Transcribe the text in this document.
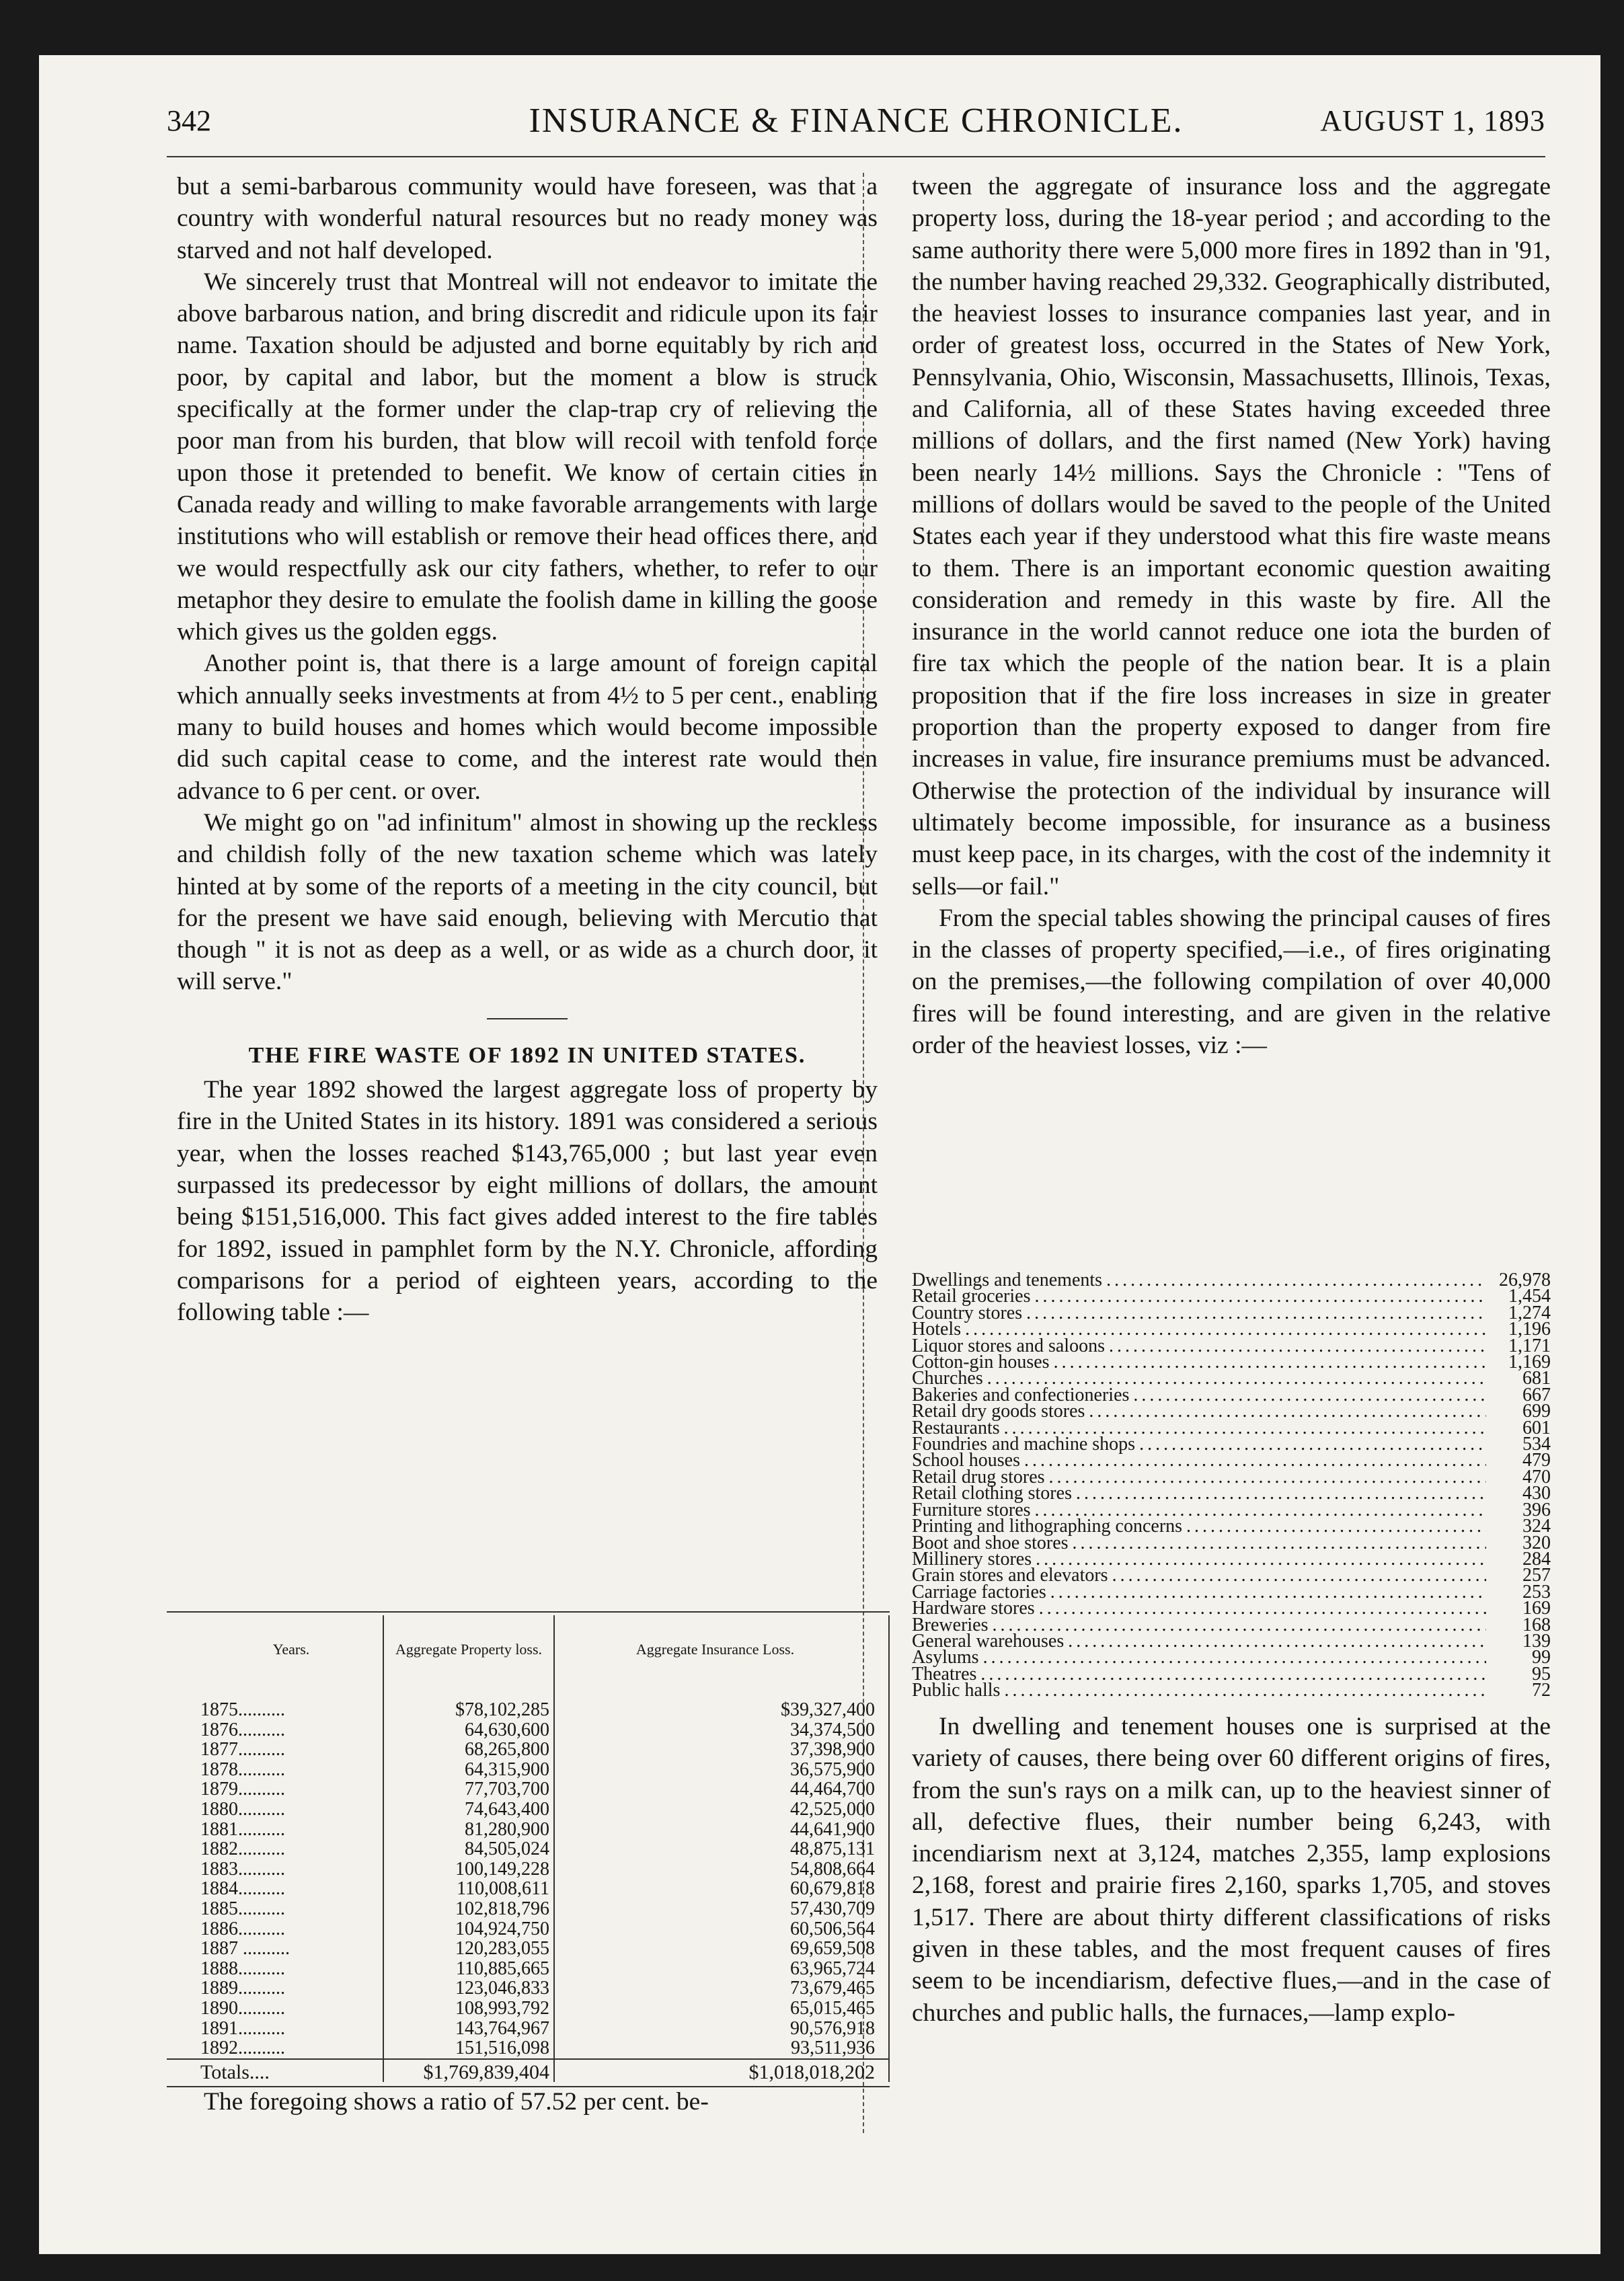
342	INSURANCE & FINANCE CHRONICLE.	AUGUST 1, 1893

but a semi-barbarous community would have foreseen, was that a country with wonderful natural resources but no ready money was starved and not half developed.

We sincerely trust that Montreal will not endeavor to imitate the above barbarous nation, and bring discredit and ridicule upon its fair name. Taxation should be adjusted and borne equitably by rich and poor, by capital and labor, but the moment a blow is struck specifically at the former under the clap-trap cry of relieving the poor man from his burden, that blow will recoil with tenfold force upon those it pretended to benefit. We know of certain cities in Canada ready and willing to make favorable arrangements with large institutions who will establish or remove their head offices there, and we would respectfully ask our city fathers, whether, to refer to our metaphor they desire to emulate the foolish dame in killing the goose which gives us the golden eggs.

Another point is, that there is a large amount of foreign capital which annually seeks investments at from 4½ to 5 per cent., enabling many to build houses and homes which would become impossible did such capital cease to come, and the interest rate would then advance to 6 per cent. or over.

We might go on "ad infinitum" almost in showing up the reckless and childish folly of the new taxation scheme which was lately hinted at by some of the reports of a meeting in the city council, but for the present we have said enough, believing with Mercutio that though " it is not as deep as a well, or as wide as a church door, it will serve."

THE FIRE WASTE OF 1892 IN UNITED STATES.

The year 1892 showed the largest aggregate loss of property by fire in the United States in its history. 1891 was considered a serious year, when the losses reached $143,765,000 ; but last year even surpassed its predecessor by eight millions of dollars, the amount being $151,516,000. This fact gives added interest to the fire tables for 1892, issued in pamphlet form by the N.Y. Chronicle, affording comparisons for a period of eighteen years, according to the following table :—

Years.	Aggregate Property loss.	Aggregate Insurance Loss.

1875..........	$78,102,285	$39,327,400
1876..........	64,630,600	34,374,500
1877..........	68,265,800	37,398,900
1878..........	64,315,900	36,575,900
1879..........	77,703,700	44,464,700
1880..........	74,643,400	42,525,000
1881..........	81,280,900	44,641,900
1882..........	84,505,024	48,875,131
1883..........	100,149,228	54,808,664
1884..........	110,008,611	60,679,818
1885..........	102,818,796	57,430,709
1886..........	104,924,750	60,506,564
1887 ..........	120,283,055	69,659,508
1888..........	110,885,665	63,965,724
1889..........	123,046,833	73,679,465
1890..........	108,993,792	65,015,465
1891..........	143,764,967	90,576,918
1892..........	151,516,098	93,511,936
Totals....	$1,769,839,404	$1,018,018,202

The foregoing shows a ratio of 57.52 per cent. be-

tween the aggregate of insurance loss and the aggregate property loss, during the 18-year period ; and according to the same authority there were 5,000 more fires in 1892 than in '91, the number having reached 29,332. Geographically distributed, the heaviest losses to insurance companies last year, and in order of greatest loss, occurred in the States of New York, Pennsylvania, Ohio, Wisconsin, Massachusetts, Illinois, Texas, and California, all of these States having exceeded three millions of dollars, and the first named (New York) having been nearly 14½ millions. Says the Chronicle : "Tens of millions of dollars would be saved to the people of the United States each year if they understood what this fire waste means to them. There is an important economic question awaiting consideration and remedy in this waste by fire. All the insurance in the world cannot reduce one iota the burden of fire tax which the people of the nation bear. It is a plain proposition that if the fire loss increases in size in greater proportion than the property exposed to danger from fire increases in value, fire insurance premiums must be advanced. Otherwise the protection of the individual by insurance will ultimately become impossible, for insurance as a business must keep pace, in its charges, with the cost of the indemnity it sells—or fail."

From the special tables showing the principal causes of fires in the classes of property specified,—i.e., of fires originating on the premises,—the following compilation of over 40,000 fires will be found interesting, and are given in the relative order of the heaviest losses, viz :—

Dwellings and tenements . . .	26,978
Retail groceries . . .	1,454
Country stores . . .	1,274
Hotels . . .	1,196
Liquor stores and saloons . . .	1,171
Cotton-gin houses . . .	1,169
Churches . . .	681
Bakeries and confectioneries . . .	667
Retail dry goods stores . . .	699
Restaurants . . .	601
Foundries and machine shops . . .	534
School houses . . .	479
Retail drug stores . . .	470
Retail clothing stores . . .	430
Furniture stores . . .	396
Printing and lithographing concerns . . .	324
Boot and shoe stores . . .	320
Millinery stores . . .	284
Grain stores and elevators . . .	257
Carriage factories . . .	253
Hardware stores . . .	169
Breweries . . .	168
General warehouses . . .	139
Asylums . . .	99
Theatres . . .	95
Public halls . . .	72

In dwelling and tenement houses one is surprised at the variety of causes, there being over 60 different origins of fires, from the sun's rays on a milk can, up to the heaviest sinner of all, defective flues, their number being 6,243, with incendiarism next at 3,124, matches 2,355, lamp explosions 2,168, forest and prairie fires 2,160, sparks 1,705, and stoves 1,517. There are about thirty different classifications of risks given in these tables, and the most frequent causes of fires seem to be incendiarism, defective flues,—and in the case of churches and public halls, the furnaces,—lamp explo-
